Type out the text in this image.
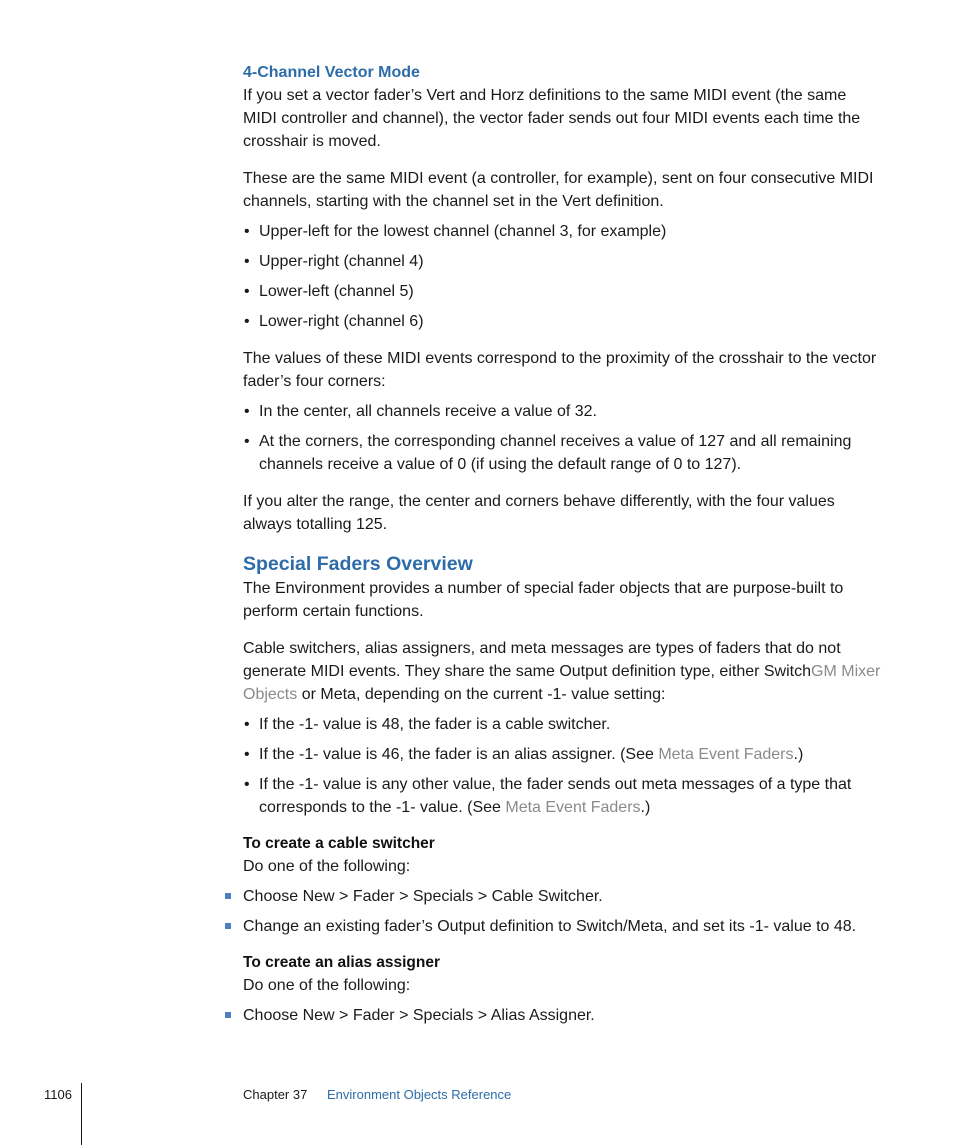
4-Channel Vector Mode

If you set a vector fader’s Vert and Horz definitions to the same MIDI event (the same MIDI controller and channel), the vector fader sends out four MIDI events each time the crosshair is moved.

These are the same MIDI event (a controller, for example), sent on four consecutive MIDI channels, starting with the channel set in the Vert definition.

• Upper-left for the lowest channel (channel 3, for example)
• Upper-right (channel 4)
• Lower-left (channel 5)
• Lower-right (channel 6)

The values of these MIDI events correspond to the proximity of the crosshair to the vector fader’s four corners:

• In the center, all channels receive a value of 32.
• At the corners, the corresponding channel receives a value of 127 and all remaining channels receive a value of 0 (if using the default range of 0 to 127).

If you alter the range, the center and corners behave differently, with the four values always totalling 125.

Special Faders Overview

The Environment provides a number of special fader objects that are purpose-built to perform certain functions.

Cable switchers, alias assigners, and meta messages are types of faders that do not generate MIDI events. They share the same Output definition type, either SwitchGM Mixer Objects or Meta, depending on the current -1- value setting:

• If the -1- value is 48, the fader is a cable switcher.
• If the -1- value is 46, the fader is an alias assigner. (See Meta Event Faders.)
• If the -1- value is any other value, the fader sends out meta messages of a type that corresponds to the -1- value. (See Meta Event Faders.)
To create a cable switcher

Do one of the following:

Choose New > Fader > Specials > Cable Switcher.
Change an existing fader’s Output definition to Switch/Meta, and set its -1- value to 48.
To create an alias assigner

Do one of the following:

Choose New > Fader > Specials > Alias Assigner.
1106	Chapter 37 Environment Objects Reference
